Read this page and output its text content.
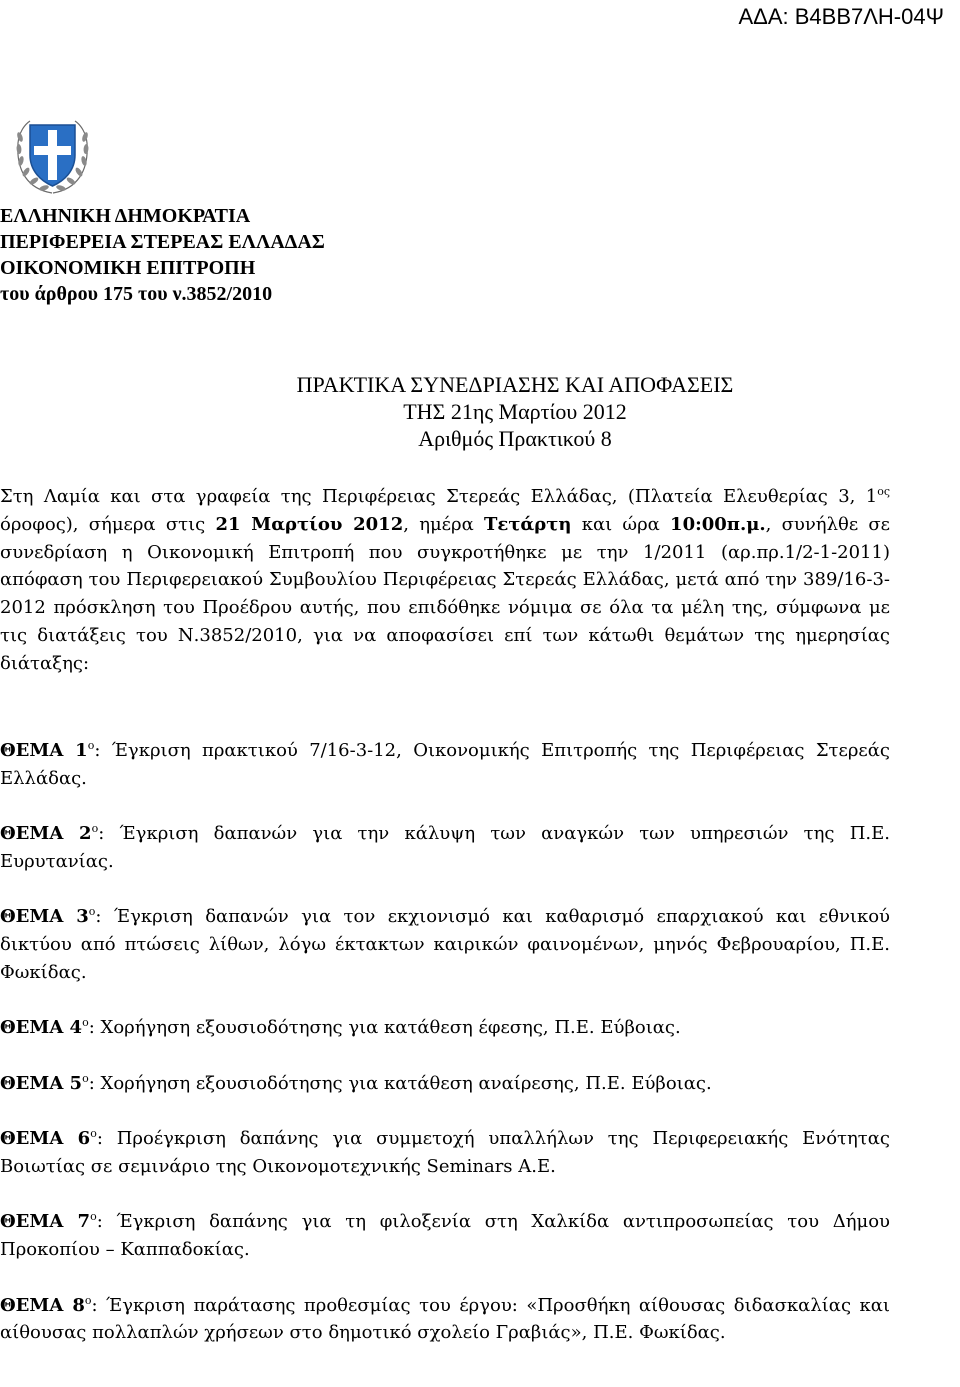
ΑΔΑ: Β4ΒΒ7ΛΗ-04Ψ
ΕΛΛΗΝΙΚΗ ΔΗΜΟΚΡΑΤΙΑ
ΠΕΡΙΦΕΡΕΙΑ ΣΤΕΡΕΑΣ ΕΛΛΑΔΑΣ
ΟΙΚΟΝΟΜΙΚΗ ΕΠΙΤΡΟΠΗ
του άρθρου 175 του ν.3852/2010
ΠΡΑΚΤΙΚΑ ΣΥΝΕΔΡΙΑΣΗΣ ΚΑΙ ΑΠΟΦΑΣΕΙΣ
ΤΗΣ 21ης Μαρτίου 2012
Αριθμός Πρακτικού 8
Στη Λαμία και στα γραφεία της Περιφέρειας Στερεάς Ελλάδας, (Πλατεία Ελευθερίας 3, $1^{o\varsigma}$ όροφος), σήμερα στις 21 Μαρτίου 2012, ημέρα Τετάρτη και ώρα 10:00π.μ., συνήλθε σε συνεδρίαση η Οικονομική Επιτροπή που συγκροτήθηκε με την 1/2011 (αρ.πρ.1/2-1-2011) απόφαση του Περιφερειακού Συμβουλίου Περιφέρειας Στερεάς Ελλάδας, μετά από την 389/16-3-2012 πρόσκληση του Προέδρου αυτής, που επιδόθηκε νόμιμα σε όλα τα μέλη της, σύμφωνα με τις διατάξεις του Ν.3852/2010, για να αποφασίσει επί των κάτωθι θεμάτων της ημερησίας διάταξης:
ΘΕΜΑ $1^o$: Έγκριση πρακτικού 7/16-3-12, Οικονομικής Επιτροπής της Περιφέρειας Στερεάς Ελλάδας.
ΘΕΜΑ $2^o$: Έγκριση δαπανών για την κάλυψη των αναγκών των υπηρεσιών της Π.Ε. Ευρυτανίας.
ΘΕΜΑ $3^o$: Έγκριση δαπανών για τον εκχιονισμό και καθαρισμό επαρχιακού και εθνικού δικτύου από πτώσεις λίθων, λόγω έκτακτων καιρικών φαινομένων, μηνός Φεβρουαρίου, Π.Ε. Φωκίδας.
ΘΕΜΑ $4^o$: Χορήγηση εξουσιοδότησης για κατάθεση έφεσης, Π.Ε. Εύβοιας.
ΘΕΜΑ $5^o$: Χορήγηση εξουσιοδότησης για κατάθεση αναίρεσης, Π.Ε. Εύβοιας.
ΘΕΜΑ $6^o$: Προέγκριση δαπάνης για συμμετοχή υπαλλήλων της Περιφερειακής Ενότητας Βοιωτίας σε σεμινάριο της Οικονομοτεχνικής Seminars Α.Ε.
ΘΕΜΑ $7^o$: Έγκριση δαπάνης για τη φιλοξενία στη Χαλκίδα αντιπροσωπείας του Δήμου Προκοπίου – Καππαδοκίας.
ΘΕΜΑ $8^o$: Έγκριση παράτασης προθεσμίας του έργου: «Προσθήκη αίθουσας διδασκαλίας και αίθουσας πολλαπλών χρήσεων στο δημοτικό σχολείο Γραβιάς», Π.Ε. Φωκίδας.
